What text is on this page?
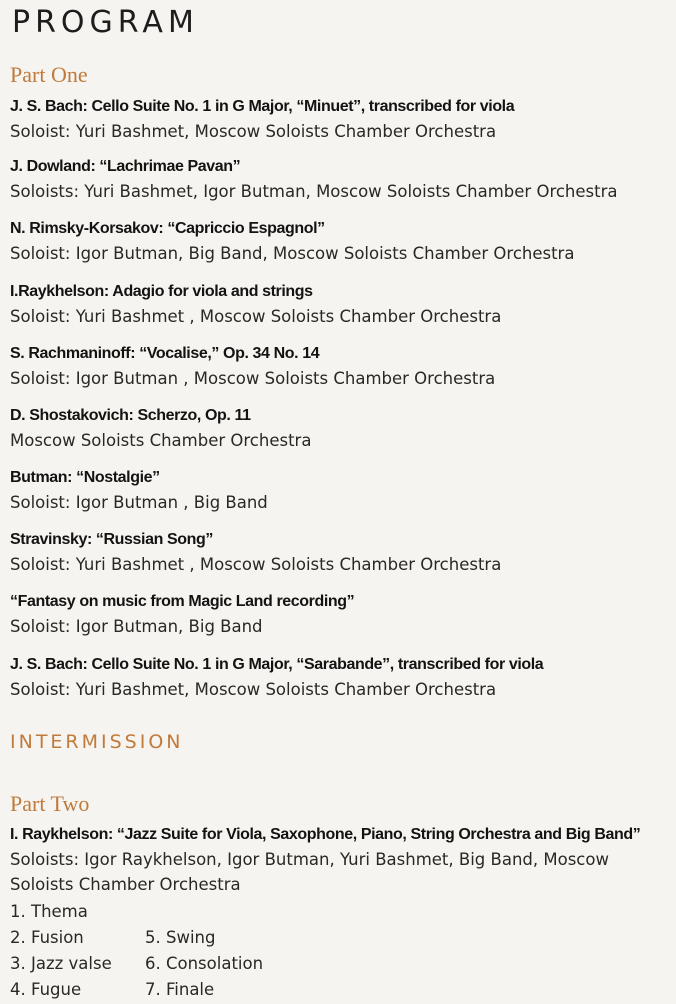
PROGRAM
Part One
J. S. Bach: Cello Suite No. 1 in G Major, “Minuet”, transcribed for viola
Soloist: Yuri Bashmet, Moscow Soloists Chamber Orchestra
J. Dowland: “Lachrimae Pavan”
Soloists: Yuri Bashmet, Igor Butman, Moscow Soloists Chamber Orchestra
N. Rimsky-Korsakov: “Capriccio Espagnol”
Soloist: Igor Butman, Big Band, Moscow Soloists Chamber Orchestra
I.Raykhelson: Adagio for viola and strings
Soloist: Yuri Bashmet , Moscow Soloists Chamber Orchestra
S. Rachmaninoff: “Vocalise,” Op. 34 No. 14
Soloist: Igor Butman , Moscow Soloists Chamber Orchestra
D. Shostakovich: Scherzo, Op. 11
Moscow Soloists Chamber Orchestra
Butman: “Nostalgie”
Soloist: Igor Butman , Big Band
Stravinsky: “Russian Song”
Soloist: Yuri Bashmet , Moscow Soloists Chamber Orchestra
“Fantasy on music from Magic Land recording”
Soloist: Igor Butman, Big Band
J. S. Bach: Cello Suite No. 1 in G Major, “Sarabande”, transcribed for viola
Soloist: Yuri Bashmet, Moscow Soloists Chamber Orchestra
INTERMISSION
Part Two
I. Raykhelson: “Jazz Suite for Viola, Saxophone, Piano, String Orchestra and Big Band”
Soloists: Igor Raykhelson, Igor Butman, Yuri Bashmet, Big Band, Moscow Soloists Chamber Orchestra
1. Thema
2. Fusion
3. Jazz valse
4. Fugue
5. Swing
6. Consolation
7. Finale
